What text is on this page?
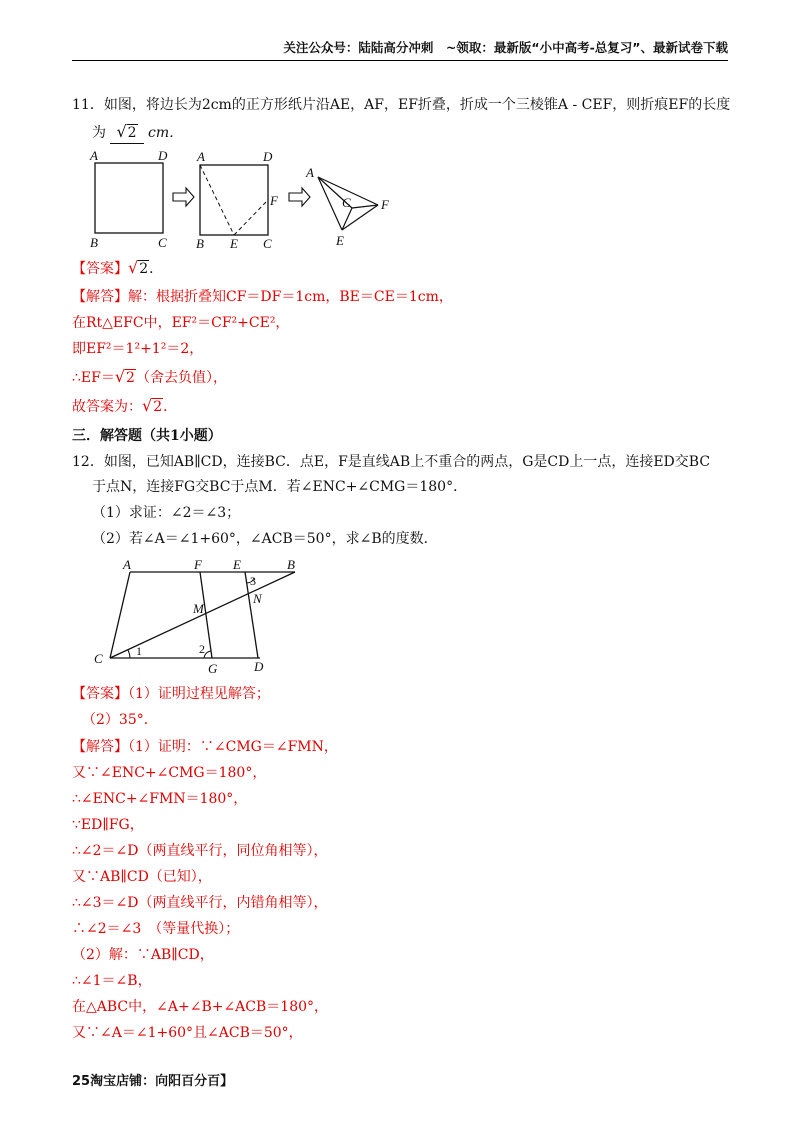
关注公众号：陆陆高分冲刺　~领取：最新版“小中高考-总复习”、最新试卷下载
11．如图，将边长为2cm的正方形纸片沿AE，AF，EF折叠，折成一个三棱锥A - CEF，则折痕EF的长度
为 √2 cm．
A	D
B	C
A	D
F
B E C
A
C F
E
【答案】√2．
【解答】解：根据折叠知CF＝DF＝1cm，BE＝CE＝1cm，
在Rt△EFC中，EF²＝CF²+CE²，
即EF²＝1²+1²＝2，
∴EF＝√2（舍去负值），
故答案为：√2．
三．解答题（共1小题）
12．如图，已知AB∥CD，连接BC．点E，F是直线AB上不重合的两点，G是CD上一点，连接ED交BC
于点N，连接FG交BC于点M．若∠ENC+∠CMG＝180°．
（1）求证：∠2＝∠3；
（2）若∠A＝∠1+60°，∠ACB＝50°，求∠B的度数．
A	F E	B
3
N
M
2
C	1
G	D
【答案】（1）证明过程见解答；
（2）35°．
【解答】（1）证明：∵∠CMG＝∠FMN，
又∵∠ENC+∠CMG＝180°，
∴∠ENC+∠FMN＝180°，
∵ED∥FG，
∴∠2＝∠D（两直线平行，同位角相等），
又∵AB∥CD（已知），
∴∠3＝∠D（两直线平行，内错角相等），
∴∠2＝∠3　（等量代换）；
（2）解：∵AB∥CD，
∴∠1＝∠B，
在△ABC中，∠A+∠B+∠ACB＝180°，
又∵∠A＝∠1+60°且∠ACB＝50°，
25淘宝店铺：向阳百分百】
